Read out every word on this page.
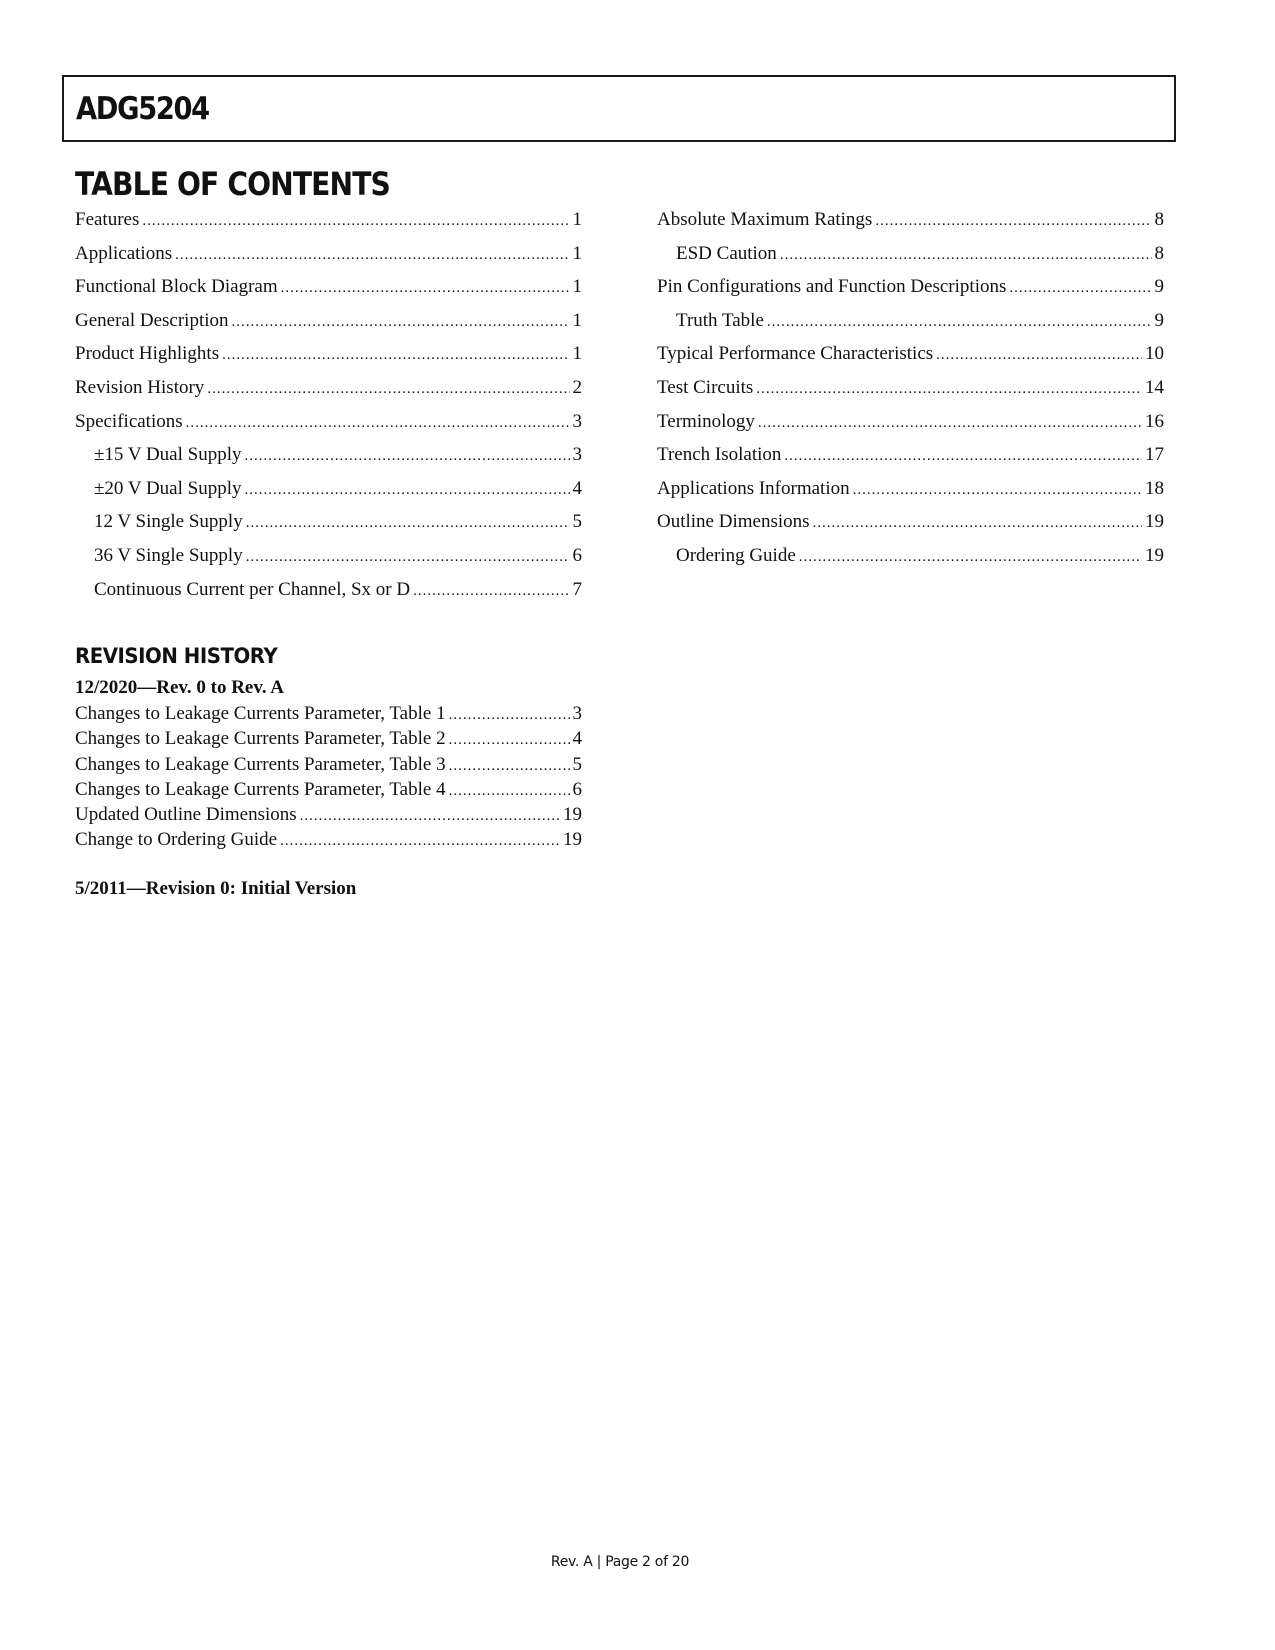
ADG5204
TABLE OF CONTENTS
Features .....	1
Applications .....	1
Functional Block Diagram .....	1
General Description .....	1
Product Highlights .....	1
Revision History .....	2
Specifications .....	3
±15 V Dual Supply .....	3
±20 V Dual Supply .....	4
12 V Single Supply .....	5
36 V Single Supply .....	6
Continuous Current per Channel, Sx or D .....	7
Absolute Maximum Ratings .....	8
ESD Caution .....	8
Pin Configurations and Function Descriptions .....	9
Truth Table .....	9
Typical Performance Characteristics .....	10
Test Circuits .....	14
Terminology .....	16
Trench Isolation .....	17
Applications Information .....	18
Outline Dimensions .....	19
Ordering Guide .....	19
REVISION HISTORY
12/2020—Rev. 0 to Rev. A
Changes to Leakage Currents Parameter, Table 1 .....	3
Changes to Leakage Currents Parameter, Table 2 .....	4
Changes to Leakage Currents Parameter, Table 3 .....	5
Changes to Leakage Currents Parameter, Table 4 .....	6
Updated Outline Dimensions .....	19
Change to Ordering Guide .....	19
5/2011—Revision 0: Initial Version
Rev. A | Page 2 of 20
